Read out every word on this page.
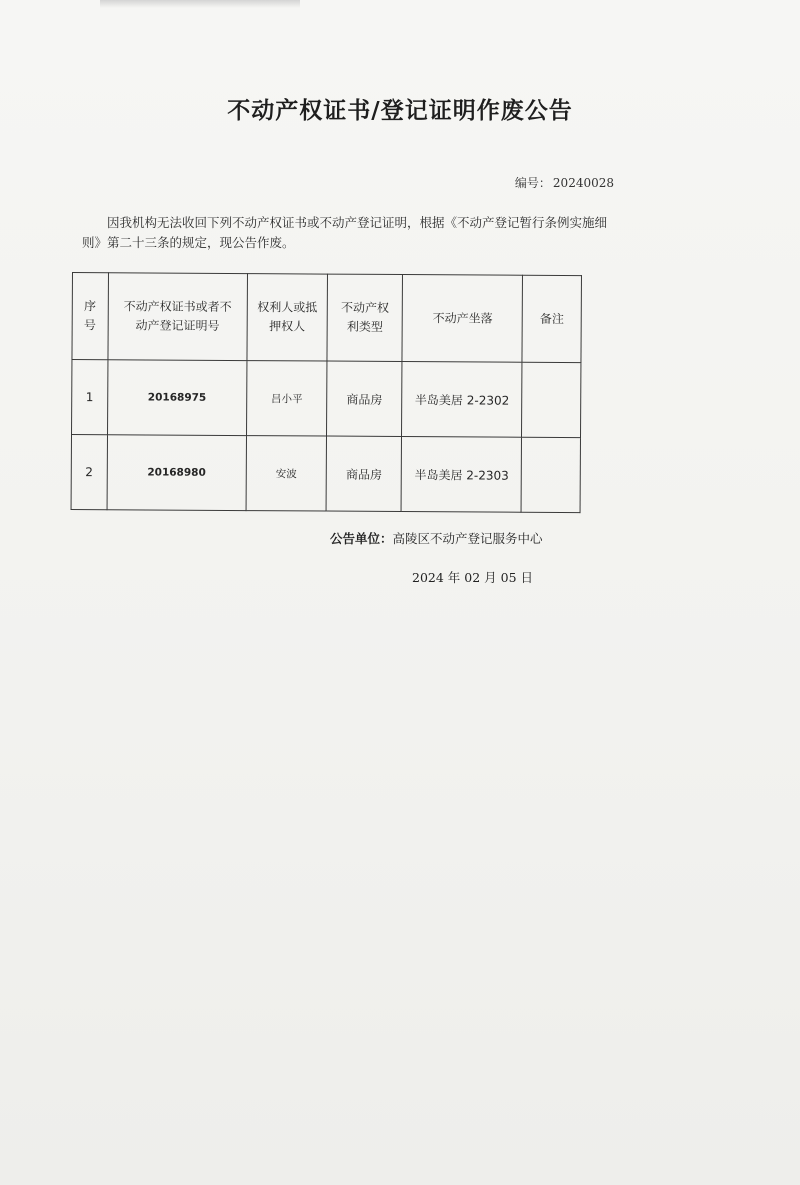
不动产权证书/登记证明作废公告
编号： 20240028
因我机构无法收回下列不动产权证书或不动产登记证明，根据《不动产登记暂行条例实施细则》第二十三条的规定，现公告作废。
序号	不动产权证书或者不动产登记证明号	权利人或抵押权人	不动产权利类型	不动产坐落	备注
1	20168975	吕小平	商品房	半岛美居 2-2302	
2	20168980	安波	商品房	半岛美居 2-2303	
公告单位：高陵区不动产登记服务中心
2024 年 02 月 05 日
